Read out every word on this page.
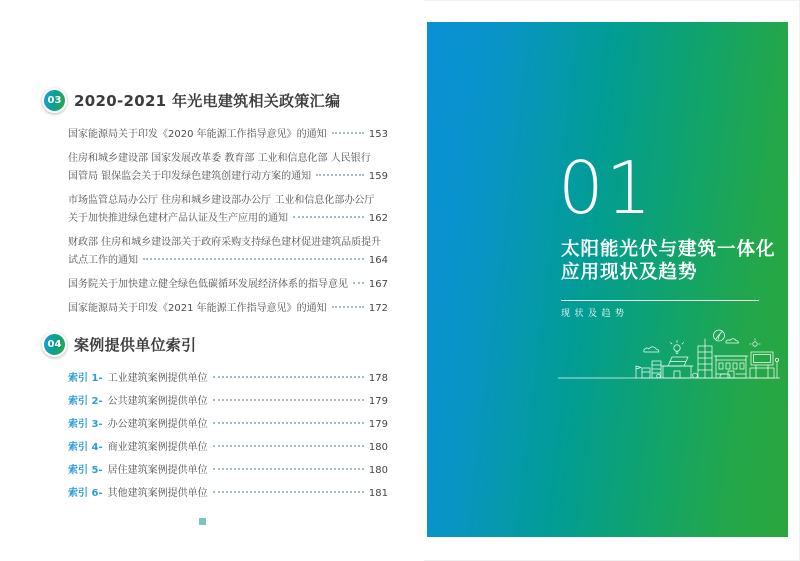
03 2020-2021 年光电建筑相关政策汇编
国家能源局关于印发《2020 年能源工作指导意见》的通知	153
住房和城乡建设部 国家发展改革委 教育部 工业和信息化部 人民银行
国管局 银保监会关于印发绿色建筑创建行动方案的通知	159
市场监管总局办公厅 住房和城乡建设部办公厅 工业和信息化部办公厅
关于加快推进绿色建材产品认证及生产应用的通知	162
财政部 住房和城乡建设部关于政府采购支持绿色建材促进建筑品质提升
试点工作的通知	164
国务院关于加快建立健全绿色低碳循环发展经济体系的指导意见 167
国家能源局关于印发《2021 年能源工作指导意见》的通知	172
04 案例提供单位索引
索引 1- 工业建筑案例提供单位	178
索引 2- 公共建筑案例提供单位	179
索引 3- 办公建筑案例提供单位	179
索引 4- 商业建筑案例提供单位	180
索引 5- 居住建筑案例提供单位	180
索引 6- 其他建筑案例提供单位	181
01
太阳能光伏与建筑一体化
应用现状及趋势
现状及趋势
